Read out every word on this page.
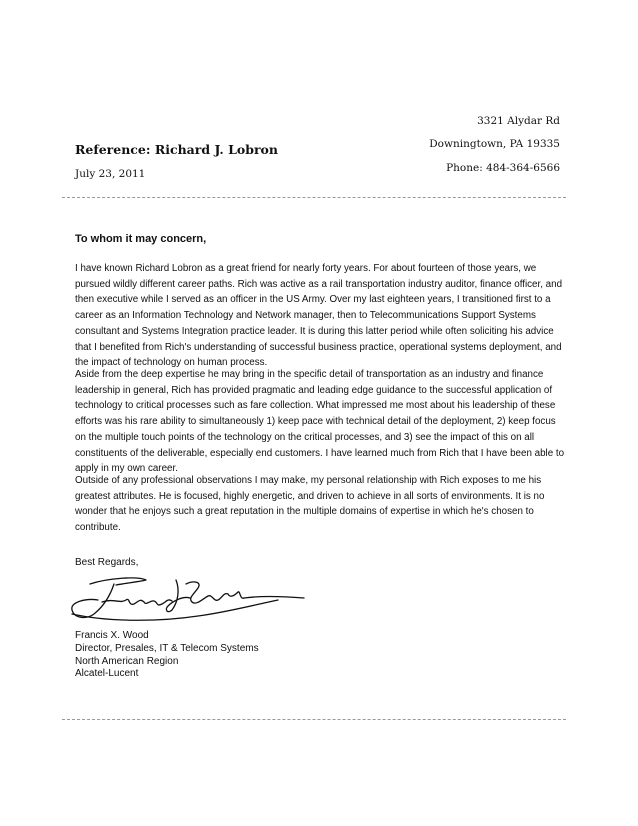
3321 Alydar Rd
Downingtown, PA 19335
Phone: 484-364-6566
Reference: Richard J. Lobron
July 23, 2011
To whom it may concern,

I have known Richard Lobron as a great friend for nearly forty years. For about fourteen of those years, we pursued wildly different career paths. Rich was active as a rail transportation industry auditor, finance officer, and then executive while I served as an officer in the US Army. Over my last eighteen years, I transitioned first to a career as an Information Technology and Network manager, then to Telecommunications Support Systems consultant and Systems Integration practice leader. It is during this latter period while often soliciting his advice that I benefited from Rich's understanding of successful business practice, operational systems deployment, and the impact of technology on human process.

Aside from the deep expertise he may bring in the specific detail of transportation as an industry and finance leadership in general, Rich has provided pragmatic and leading edge guidance to the successful application of technology to critical processes such as fare collection. What impressed me most about his leadership of these efforts was his rare ability to simultaneously 1) keep pace with technical detail of the deployment, 2) keep focus on the multiple touch points of the technology on the critical processes, and 3) see the impact of this on all constituents of the deliverable, especially end customers. I have learned much from Rich that I have been able to apply in my own career.

Outside of any professional observations I may make, my personal relationship with Rich exposes to me his greatest attributes. He is focused, highly energetic, and driven to achieve in all sorts of environments. It is no wonder that he enjoys such a great reputation in the multiple domains of expertise in which he's chosen to contribute.

Best Regards,
Francis X. Wood
Director, Presales, IT & Telecom Systems
North American Region
Alcatel-Lucent
